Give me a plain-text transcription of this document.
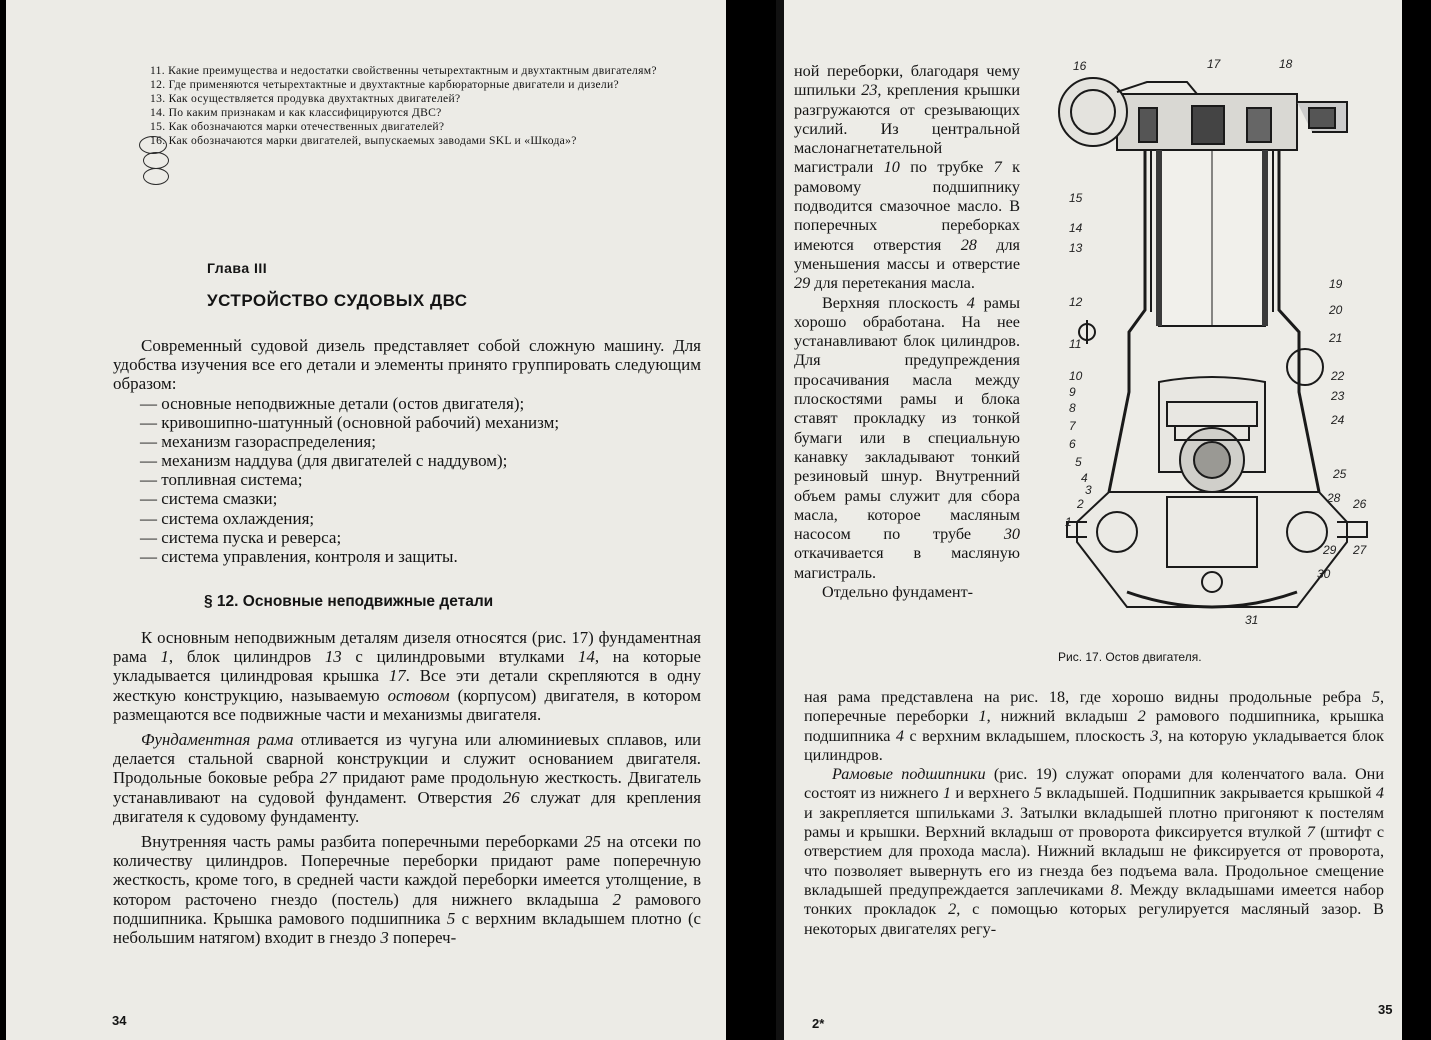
11. Какие преимущества и недостатки свойственны четырехтактным и двухтактным двигателям?

12. Где применяются четырехтактные и двухтактные карбюраторные двигатели и дизели?

13. Как осуществляется продувка двухтактных двигателей?

14. По каким признакам и как классифицируются ДВС?

15. Как обозначаются марки отечественных двигателей?

16. Как обозначаются марки двигателей, выпускаемых заводами SKL и «Шкода»?

Глава III
УСТРОЙСТВО СУДОВЫХ ДВС

Современный судовой дизель представляет собой сложную машину. Для удобства изучения все его детали и элементы принято группировать следующим образом:

— основные неподвижные детали (остов двигателя);

— кривошипно-шатунный (основной рабочий) механизм;

— механизм газораспределения;

— механизм наддува (для двигателей с наддувом);

— топливная система;

— система смазки;

— система охлаждения;

— система пуска и реверса;

— система управления, контроля и защиты.

§ 12. Основные неподвижные детали

К основным неподвижным деталям дизеля относятся (рис. 17) фундаментная рама 1, блок цилиндров 13 с цилиндровыми втулками 14, на которые укладывается цилиндровая крышка 17. Все эти детали скрепляются в одну жесткую конструкцию, называемую остовом (корпусом) двигателя, в котором размещаются все подвижные части и механизмы двигателя.

Фундаментная рама отливается из чугуна или алюминиевых сплавов, или делается стальной сварной конструкции и служит основанием двигателя. Продольные боковые ребра 27 придают раме продольную жесткость. Двигатель устанавливают на судовой фундамент. Отверстия 26 служат для крепления двигателя к судовому фундаменту.

Внутренняя часть рамы разбита поперечными переборками 25 на отсеки по количеству цилиндров. Поперечные переборки придают раме поперечную жесткость, кроме того, в средней части каждой переборки имеется утолщение, в котором расточено гнездо (постель) для нижнего вкладыша 2 рамового подшипника. Крышка рамового подшипника 5 с верхним вкладышем плотно (с небольшим натягом) входит в гнездо 3 попереч-

34

ной переборки, благодаря чему шпильки 23, крепления крышки разгружаются от срезывающих усилий. Из центральной маслонагнетательной магистрали 10 по трубке 7 к рамовому подшипнику подводится смазочное масло. В поперечных переборках имеются отверстия 28 для уменьшения массы и отверстие 29 для перетекания масла.

Верхняя плоскость 4 рамы хорошо обработана. На нее устанавливают блок цилиндров. Для предупреждения просачивания масла между плоскостями рамы и блока ставят прокладку из тонкой бумаги или в специальную канавку закладывают тонкий резиновый шнур. Внутренний объем рамы служит для сбора масла, которое масляным насосом по трубе 30 откачивается в масляную магистраль.

Отдельно фундамент-

16	17	18
15
14
13
12
11
19
20
21
10
9
8
22
23
7	24
6
5
4	25
3
28 26
2
1
29 27
30
31
Рис. 17. Остов двигателя.

ная рама представлена на рис. 18, где хорошо видны продольные ребра 5, поперечные переборки 1, нижний вкладыш 2 рамового подшипника, крышка подшипника 4 с верхним вкладышем, плоскость 3, на которую укладывается блок цилиндров.

Рамовые подшипники (рис. 19) служат опорами для коленчатого вала. Они состоят из нижнего 1 и верхнего 5 вкладышей. Подшипник закрывается крышкой 4 и закрепляется шпильками 3. Затылки вкладышей плотно пригоняют к постелям рамы и крышки. Верхний вкладыш от проворота фиксируется втулкой 7 (штифт с отверстием для прохода масла). Нижний вкладыш не фиксируется от проворота, что позволяет вывернуть его из гнезда без подъема вала. Продольное смещение вкладышей предупреждается заплечиками 8. Между вкладышами имеется набор тонких прокладок 2, с помощью которых регулируется масляный зазор. В некоторых двигателях регу-

2*
35
